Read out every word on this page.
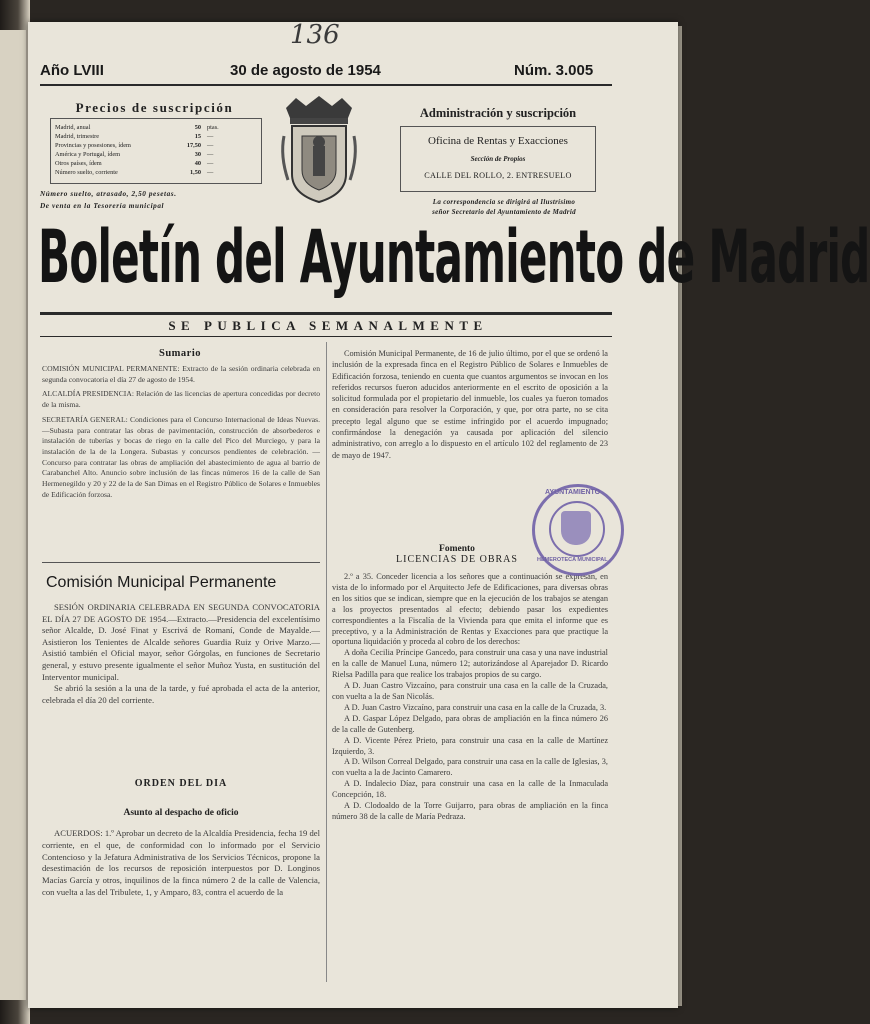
136
Año LVIII	30 de agosto de 1954	Núm. 3.005
Precios de suscripción
Madrid, anual	50 ptas.
Madrid, trimestre	15 —
Provincias y posesiones, ídem	17,50 —
América y Portugal, ídem	30 —
Otros países, ídem	40 —
Número suelto, corriente	1,50 —
Número suelto, atrasado, 2,50 pesetas.
De venta en la Tesorería municipal
Administración y suscripción
Oficina de Rentas y Exacciones
Sección de Propios
CALLE DEL ROLLO, 2. ENTRESUELO
La correspondencia se dirigirá al Ilustrísimo
señor Secretario del Ayuntamiento de Madrid
Boletín del Ayuntamiento de Madrid
SE PUBLICA SEMANALMENTE
Sumario

COMISIÓN MUNICIPAL PERMANENTE: Extracto de la sesión ordinaria celebrada en segunda convocatoria el día 27 de agosto de 1954.

ALCALDÍA PRESIDENCIA: Relación de las licencias de apertura concedidas por decreto de la misma.

SECRETARÍA GENERAL: Condiciones para el Concurso Internacional de Ideas Nuevas.—Subasta para contratar las obras de pavimentación, construcción de absorbederos e instalación de tuberías y bocas de riego en la calle del Pico del Murciego, y para la instalación de la de la Longera. Subastas y concursos pendientes de celebración. — Concurso para contratar las obras de ampliación del abastecimiento de agua al barrio de Carabanchel Alto. Anuncio sobre inclusión de las fincas números 16 de la calle de San Hermenegildo y 20 y 22 de la de San Dimas en el Registro Público de Solares e Inmuebles de Edificación forzosa.

Comisión Municipal Permanente

SESIÓN ORDINARIA CELEBRADA EN SEGUNDA CONVOCATORIA EL DÍA 27 DE AGOSTO DE 1954.—Extracto.—Presidencia del excelentísimo señor Alcalde, D. José Finat y Escrivá de Romaní, Conde de Mayalde.—Asistieron los Tenientes de Alcalde señores Guardia Ruiz y Orive Marzo.—Asistió también el Oficial mayor, señor Górgolas, en funciones de Secretario general, y estuvo presente igualmente el señor Muñoz Yusta, en sustitución del Interventor municipal.

Se abrió la sesión a la una de la tarde, y fué aprobada el acta de la anterior, celebrada el día 20 del corriente.

ORDEN DEL DIA
Asunto al despacho de oficio

ACUERDOS: 1.º Aprobar un decreto de la Alcaldía Presidencia, fecha 19 del corriente, en el que, de conformidad con lo informado por el Servicio Contencioso y la Jefatura Administrativa de los Servicios Técnicos, propone la desestimación de los recursos de reposición interpuestos por D. Longinos Macías García y otros, inquilinos de la finca número 2 de la calle de Valencia, con vuelta a las del Tribulete, 1, y Amparo, 83, contra el acuerdo de la

Comisión Municipal Permanente, de 16 de julio último, por el que se ordenó la inclusión de la expresada finca en el Registro Público de Solares e Inmuebles de Edificación forzosa, teniendo en cuenta que cuantos argumentos se invocan en los referidos recursos fueron aducidos anteriormente en el escrito de oposición a la solicitud formulada por el propietario del inmueble, los cuales ya fueron tomados en consideración para resolver la Corporación, y que, por otra parte, no se cita precepto legal alguno que se estime infringido por el acuerdo impugnado; confirmándose la denegación ya causada por aplicación del silencio administrativo, con arreglo a lo dispuesto en el artículo 102 del reglamento de 23 de mayo de 1947.

Fomento
LICENCIAS DE OBRAS

2.º a 35. Conceder licencia a los señores que a continuación se expresan, en vista de lo informado por el Arquitecto Jefe de Edificaciones, para diversas obras en los sitios que se indican, siempre que en la ejecución de los trabajos se atengan a los proyectos presentados al efecto; debiendo pasar los expedientes correspondientes a la Fiscalía de la Vivienda para que emita el informe que es preceptivo, y a la Administración de Rentas y Exacciones para que practique la oportuna liquidación y proceda al cobro de los derechos:

A doña Cecilia Príncipe Gancedo, para construir una casa y una nave industrial en la calle de Manuel Luna, número 12; autorizándose al Aparejador D. Ricardo Rielsa Padilla para que realice los trabajos propios de su cargo.

A D. Juan Castro Vizcaíno, para construir una casa en la calle de la Cruzada, con vuelta a la de San Nicolás.

A D. Juan Castro Vizcaíno, para construir una casa en la calle de la Cruzada, 3.

A D. Gaspar López Delgado, para obras de ampliación en la finca número 26 de la calle de Gutenberg.

A D. Vicente Pérez Prieto, para construir una casa en la calle de Martínez Izquierdo, 3.

A D. Wilson Correal Delgado, para construir una casa en la calle de Iglesias, 3, con vuelta a la de Jacinto Camarero.

A D. Indalecio Díaz, para construir una casa en la calle de la Inmaculada Concepción, 18.

A D. Clodoaldo de la Torre Guijarro, para obras de ampliación en la finca número 38 de la calle de María Pedraza.

AYUNTAMIENTO
HEMEROTECA MUNICIPAL
